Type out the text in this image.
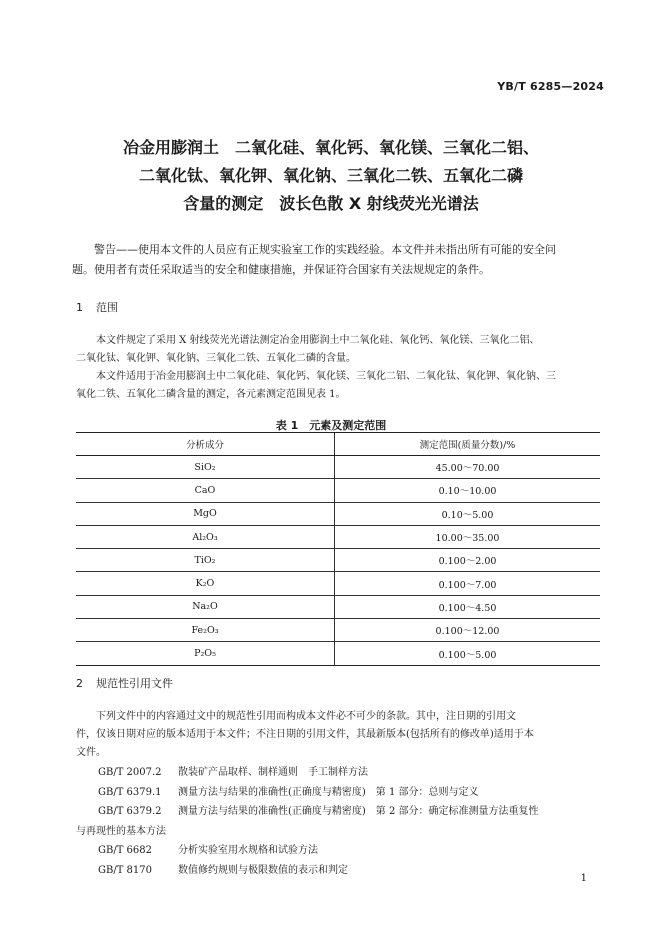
YB/T 6285—2024
冶金用膨润土　二氧化硅、氧化钙、氧化镁、三氧化二铝、
二氧化钛、氧化钾、氧化钠、三氧化二铁、五氧化二磷
含量的测定　波长色散 X 射线荧光光谱法
警告——使用本文件的人员应有正规实验室工作的实践经验。本文件并未指出所有可能的安全问
题。使用者有责任采取适当的安全和健康措施，并保证符合国家有关法规规定的条件。
1 范围
本文件规定了采用 X 射线荧光光谱法测定冶金用膨润土中二氧化硅、氧化钙、氧化镁、三氧化二铝、
二氧化钛、氧化钾、氧化钠、三氧化二铁、五氧化二磷的含量。
本文件适用于冶金用膨润土中二氧化硅、氧化钙、氧化镁、三氧化二铝、二氧化钛、氧化钾、氧化钠、三
氧化二铁、五氧化二磷含量的测定，各元素测定范围见表 1。
表 1　元素及测定范围
分析成分	测定范围(质量分数)/%
SiO₂	45.00～70.00
CaO	0.10～10.00
MgO	0.10～5.00
Al₂O₃	10.00～35.00
TiO₂	0.100～2.00
K₂O	0.100～7.00
Na₂O	0.100～4.50
Fe₂O₃	0.100～12.00
P₂O₅	0.100～5.00
2 规范性引用文件
下列文件中的内容通过文中的规范性引用而构成本文件必不可少的条款。其中，注日期的引用文
件，仅该日期对应的版本适用于本文件；不注日期的引用文件，其最新版本(包括所有的修改单)适用于本
文件。
GB/T 2007.2 散装矿产品取样、制样通则　手工制样方法
GB/T 6379.1 测量方法与结果的准确性(正确度与精密度)　第 1 部分：总则与定义
GB/T 6379.2 测量方法与结果的准确性(正确度与精密度)　第 2 部分：确定标准测量方法重复性
与再现性的基本方法
GB/T 6682	分析实验室用水规格和试验方法
GB/T 8170	数值修约规则与极限数值的表示和判定
1
